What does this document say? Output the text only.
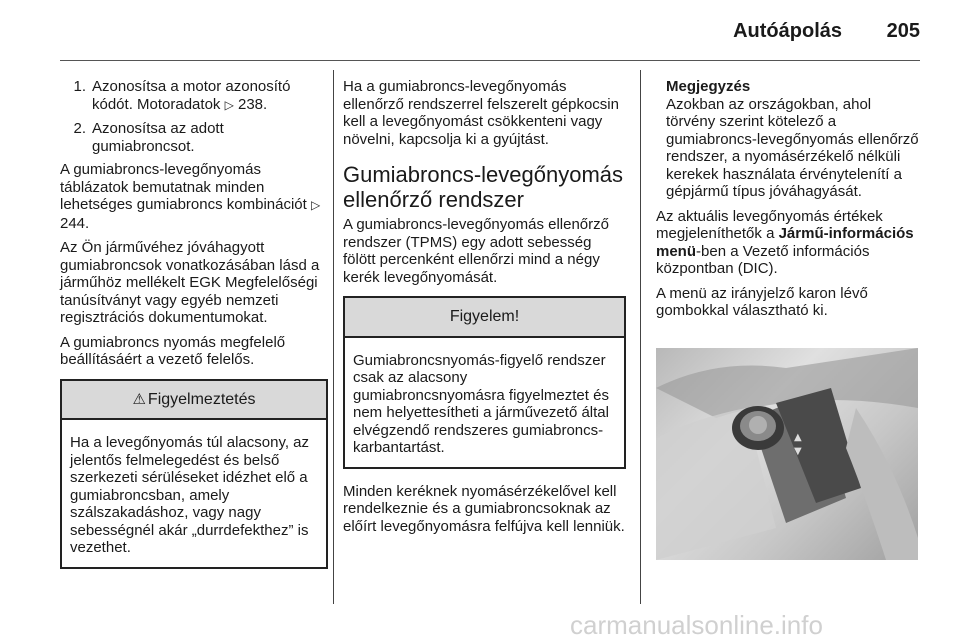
Autóápolás 205
1. Azonosítsa a motor azonosító kódót. Motoradatok ▷ 238.
2. Azonosítsa az adott gumiabroncsot.

A gumiabroncs-levegőnyomás táblázatok bemutatnak minden lehetséges gumiabroncs kombinációt ▷ 244.

Az Ön járművéhez jóváhagyott gumiabroncsok vonatkozásában lásd a járműhöz mellékelt EGK Megfelelőségi tanúsítványt vagy egyéb nemzeti regisztrációs dokumentumokat.

A gumiabroncs nyomás megfelelő beállításáért a vezető felelős.

⚠ Figyelmeztetés
Ha a levegőnyomás túl alacsony, az jelentős felmelegedést és belső szerkezeti sérüléseket idézhet elő a gumiabroncsban, amely szálszakadáshoz, vagy nagy sebességnél akár „durrdefekthez” is vezethet.

Ha a gumiabroncs-levegőnyomás ellenőrző rendszerrel felszerelt gépkocsin kell a levegőnyomást csökkenteni vagy növelni, kapcsolja ki a gyújtást.

Gumiabroncs-levegőnyomás ellenőrző rendszer

A gumiabroncs-levegőnyomás ellenőrző rendszer (TPMS) egy adott sebesség fölött percenként ellenőrzi mind a négy kerék levegőnyomását.

Figyelem!
Gumiabroncsnyomás-figyelő rendszer csak az alacsony gumiabroncsnyomásra figyelmeztet és nem helyettesítheti a járművezető által elvégzendő rendszeres gumiabroncs-karbantartást.

Minden keréknek nyomásérzékelővel kell rendelkeznie és a gumiabroncsoknak az előírt levegőnyomásra felfújva kell lenniük.

Megjegyzés

Azokban az országokban, ahol törvény szerint kötelező a gumiabroncs-levegőnyomás ellenőrző rendszer, a nyomásérzékelő nélküli kerekek használata érvénytelenítí a gépjármű típus jóváhagyását.

Az aktuális levegőnyomás értékek megjeleníthetők a Jármű-információs menü-ben a Vezető információs központban (DIC).

A menü az irányjelző karon lévő gombokkal választható ki.

▲
▼
carmanualsonline.info
